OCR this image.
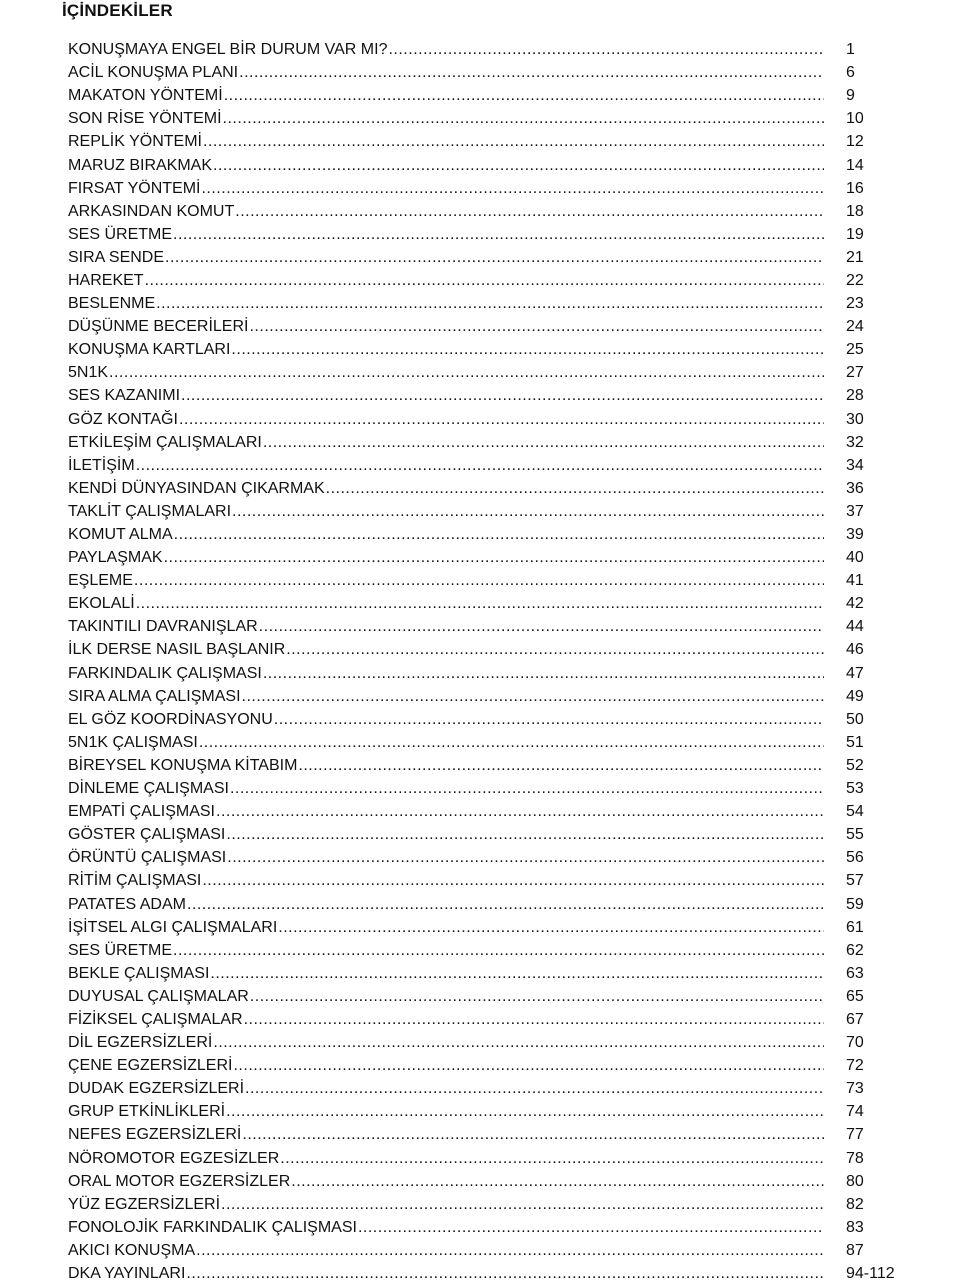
İÇİNDEKİLER
KONUŞMAYA ENGEL BİR DURUM VAR MI? .....	1
ACİL KONUŞMA PLANI .....	6
MAKATON YÖNTEMİ .....	9
SON RİSE YÖNTEMİ .....	10
REPLİK YÖNTEMİ .....	12
MARUZ BIRAKMAK .....	14
FIRSAT YÖNTEMİ .....	16
ARKASINDAN KOMUT .....	18
SES ÜRETME .....	19
SIRA SENDE .....	21
HAREKET .....	22
BESLENME .....	23
DÜŞÜNME BECERİLERİ .....	24
KONUŞMA KARTLARI .....	25
5N1K .....	27
SES KAZANIMI .....	28
GÖZ KONTAĞI .....	30
ETKİLEŞİM ÇALIŞMALARI .....	32
İLETİŞİM .....	34
KENDİ DÜNYASINDAN ÇIKARMAK .....	36
TAKLİT ÇALIŞMALARI .....	37
KOMUT ALMA .....	39
PAYLAŞMAK .....	40
EŞLEME .....	41
EKOLALİ .....	42
TAKINTILI DAVRANIŞLAR .....	44
İLK DERSE NASIL BAŞLANIR .....	46
FARKINDALIK ÇALIŞMASI .....	47
SIRA ALMA ÇALIŞMASI .....	49
EL GÖZ KOORDİNASYONU .....	50
5N1K ÇALIŞMASI .....	51
BİREYSEL KONUŞMA KİTABIM .....	52
DİNLEME ÇALIŞMASI .....	53
EMPATİ ÇALIŞMASI .....	54
GÖSTER ÇALIŞMASI .....	55
ÖRÜNTÜ ÇALIŞMASI .....	56
RİTİM ÇALIŞMASI .....	57
PATATES ADAM .....	59
İŞİTSEL ALGI ÇALIŞMALARI .....	61
SES ÜRETME .....	62
BEKLE ÇALIŞMASI .....	63
DUYUSAL ÇALIŞMALAR .....	65
FİZİKSEL ÇALIŞMALAR .....	67
DİL EGZERSİZLERİ .....	70
ÇENE EGZERSİZLERİ .....	72
DUDAK EGZERSİZLERİ .....	73
GRUP ETKİNLİKLERİ .....	74
NEFES EGZERSİZLERİ .....	77
NÖROMOTOR EGZESİZLER .....	78
ORAL MOTOR EGZERSİZLER .....	80
YÜZ EGZERSİZLERİ .....	82
FONOLOJİK FARKINDALIK ÇALIŞMASI .....	83
AKICI KONUŞMA .....	87
DKA YAYINLARI .....	94-112
